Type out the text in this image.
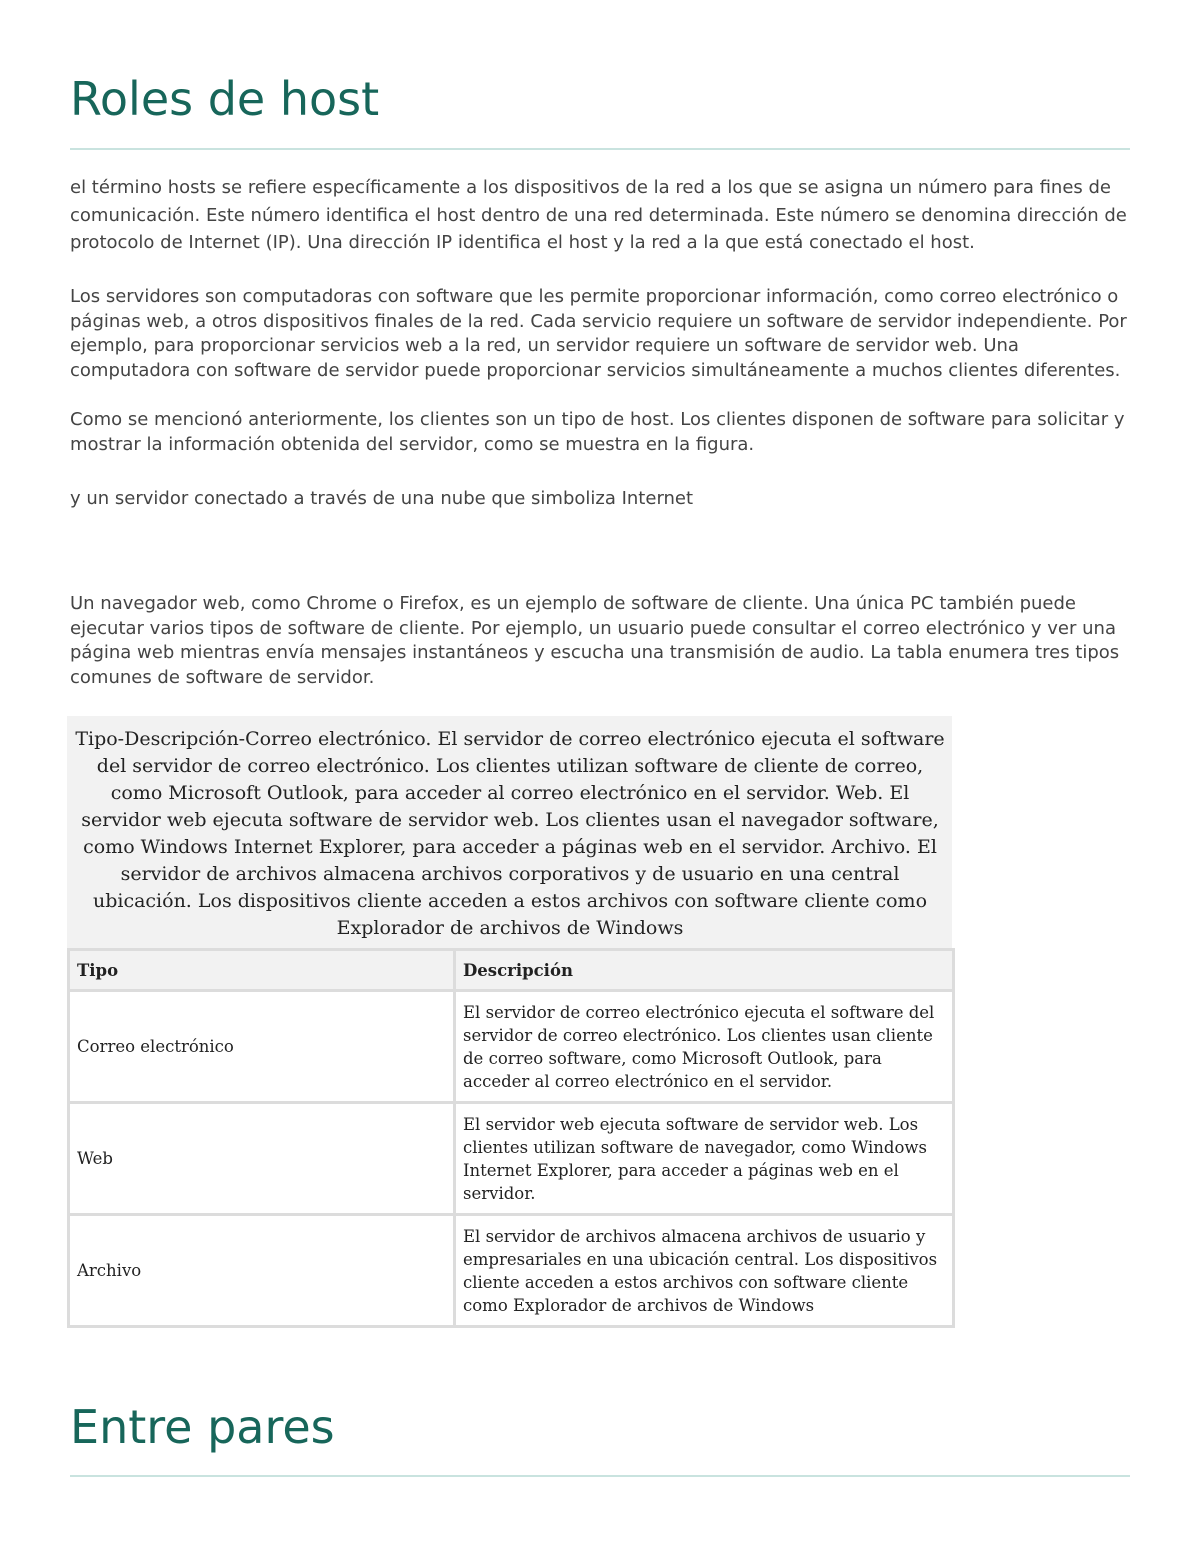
Roles de host

el término hosts se refiere específicamente a los dispositivos de la red a los que se asigna un número para fines de comunicación. Este número identifica el host dentro de una red determinada. Este número se denomina dirección de protocolo de Internet (IP). Una dirección IP identifica el host y la red a la que está conectado el host.

Los servidores son computadoras con software que les permite proporcionar información, como correo electrónico o páginas web, a otros dispositivos finales de la red. Cada servicio requiere un software de servidor independiente. Por ejemplo, para proporcionar servicios web a la red, un servidor requiere un software de servidor web. Una computadora con software de servidor puede proporcionar servicios simultáneamente a muchos clientes diferentes.

Como se mencionó anteriormente, los clientes son un tipo de host. Los clientes disponen de software para solicitar y mostrar la información obtenida del servidor, como se muestra en la figura.

y un servidor conectado a través de una nube que simboliza Internet

Un navegador web, como Chrome o Firefox, es un ejemplo de software de cliente. Una única PC también puede ejecutar varios tipos de software de cliente. Por ejemplo, un usuario puede consultar el correo electrónico y ver una página web mientras envía mensajes instantáneos y escucha una transmisión de audio. La tabla enumera tres tipos comunes de software de servidor.

Tipo-Descripción-Correo electrónico. El servidor de correo electrónico ejecuta el software del servidor de correo electrónico. Los clientes utilizan software de cliente de correo, como Microsoft Outlook, para acceder al correo electrónico en el servidor. Web. El servidor web ejecuta software de servidor web. Los clientes usan el navegador software, como Windows Internet Explorer, para acceder a páginas web en el servidor. Archivo. El servidor de archivos almacena archivos corporativos y de usuario en una central ubicación. Los dispositivos cliente acceden a estos archivos con software cliente como Explorador de archivos de Windows

Tipo	Descripción
Correo electrónico	El servidor de correo electrónico ejecuta el software del servidor de correo electrónico. Los clientes usan cliente de correo software, como Microsoft Outlook, para acceder al correo electrónico en el servidor.
Web	El servidor web ejecuta software de servidor web. Los clientes utilizan software de navegador, como Windows Internet Explorer, para acceder a páginas web en el servidor.
Archivo	El servidor de archivos almacena archivos de usuario y empresariales en una ubicación central. Los dispositivos cliente acceden a estos archivos con software cliente como Explorador de archivos de Windows
Entre pares
